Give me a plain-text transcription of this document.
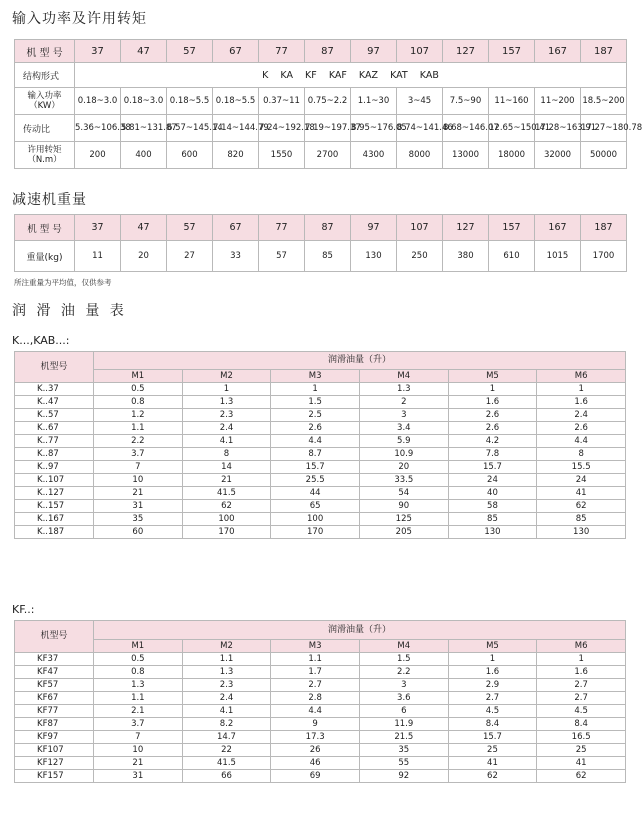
输入功率及许用转矩
机 型 号	37	47	57	67	77	87	97	107	127	157	167	187
结构形式	K    KA    KF    KAF    KAZ    KAT    KAB											
输入功率（KW）	0.18~3.0	0.18~3.0	0.18~5.5	0.18~5.5	0.37~11	0.75~2.2	1.1~30	3~45	7.5~90	11~160	11~200	18.5~200
传动比	5.36~106.38	5.81~131.87	6.57~145.14	7.14~144.79	7.24~192.18	7.19~197.37	8.95~176.05	8.74~141.46	8.68~146.07	12.65~150.41	17.28~163.91	17.27~180.78
许用转矩（N.m）	200	400	600	820	1550	2700	4300	8000	13000	18000	32000	50000
减速机重量
机 型 号	37	47	57	67	77	87	97	107	127	157	167	187
重量(kg)	11	20	27	33	57	85	130	250	380	610	1015	1700
所注重量为平均值，仅供参考
润 滑 油 量 表
K...,KAB...:
机型号	润滑油量（升）					
	M1	M2	M3	M4	M5	M6
K..37	0.5	1	1	1.3	1	1
K..47	0.8	1.3	1.5	2	1.6	1.6
K..57	1.2	2.3	2.5	3	2.6	2.4
K..67	1.1	2.4	2.6	3.4	2.6	2.6
K..77	2.2	4.1	4.4	5.9	4.2	4.4
K..87	3.7	8	8.7	10.9	7.8	8
K..97	7	14	15.7	20	15.7	15.5
K..107	10	21	25.5	33.5	24	24
K..127	21	41.5	44	54	40	41
K..157	31	62	65	90	58	62
K..167	35	100	100	125	85	85
K..187	60	170	170	205	130	130
KF..:
机型号	润滑油量（升）					
	M1	M2	M3	M4	M5	M6
KF37	0.5	1.1	1.1	1.5	1	1
KF47	0.8	1.3	1.7	2.2	1.6	1.6
KF57	1.3	2.3	2.7	3	2.9	2.7
KF67	1.1	2.4	2.8	3.6	2.7	2.7
KF77	2.1	4.1	4.4	6	4.5	4.5
KF87	3.7	8.2	9	11.9	8.4	8.4
KF97	7	14.7	17.3	21.5	15.7	16.5
KF107	10	22	26	35	25	25
KF127	21	41.5	46	55	41	41
KF157	31	66	69	92	62	62
